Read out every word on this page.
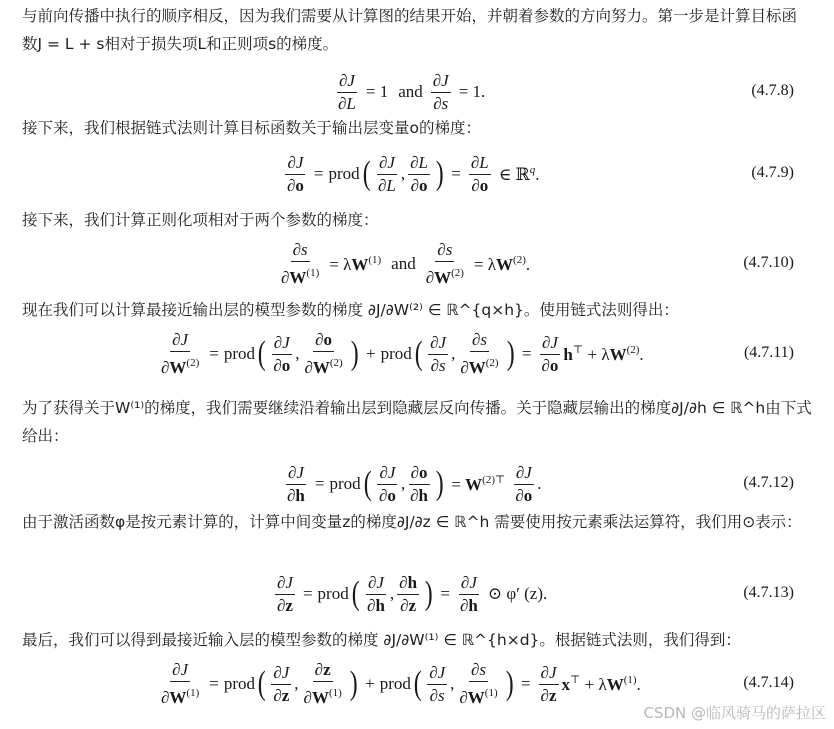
与前向传播中执行的顺序相反，因为我们需要从计算图的结果开始，并朝着参数的方向努力。第一步是计算目标函数J = L + s相对于损失项L和正则项s的梯度。
$\frac{\partial J}{\partial L} = 1$ and $\frac{\partial J}{\partial s} = 1$.	(4.7.8)
接下来，我们根据链式法则计算目标函数关于输出层变量o的梯度：
$\frac{\partial J}{\partial o}$ = prod ( $\frac{\partial J}{\partial L}$ , $\frac{\partial L}{\partial o}$ ) = $\frac{\partial L}{\partial o}$ ∈ ℝ$^q$.	(4.7.9)
接下来，我们计算正则化项相对于两个参数的梯度：
$\frac{\partial s}{\partial W^{(1)}} = \lambda W^{(1)}$ and $\frac{\partial s}{\partial W^{(2)}} = \lambda W^{(2)}$.	(4.7.10)
现在我们可以计算最接近输出层的模型参数的梯度 ∂J/∂W⁽²⁾ ∈ ℝ^{q×h}。使用链式法则得出：
$\frac{\partial J}{\partial W^{(2)}}$ = prod ( $\frac{\partial J}{\partial o}$ , $\frac{\partial o}{\partial W^{(2)}}$ ) + prod ( $\frac{\partial J}{\partial s}$ , $\frac{\partial s}{\partial W^{(2)}}$ ) = $\frac{\partial J}{\partial o} h^⊤ + \lambda W^{(2)}$.	(4.7.11)
为了获得关于W⁽¹⁾的梯度，我们需要继续沿着输出层到隐藏层反向传播。关于隐藏层输出的梯度∂J/∂h ∈ ℝ^h由下式给出：
$\frac{\partial J}{\partial h}$ = prod ( $\frac{\partial J}{\partial o}$ , $\frac{\partial o}{\partial h}$ ) = $W^{(2)⊤} \frac{\partial J}{\partial o}$ .	(4.7.12)
由于激活函数φ是按元素计算的，计算中间变量z的梯度∂J/∂z ∈ ℝ^h 需要使用按元素乘法运算符，我们用⊙表示：
$\frac{\partial J}{\partial z}$ = prod ( $\frac{\partial J}{\partial h}$ , $\frac{\partial h}{\partial z}$ ) = $\frac{\partial J}{\partial h}$ ⊙ φ′ (z).	(4.7.13)
最后，我们可以得到最接近输入层的模型参数的梯度 ∂J/∂W⁽¹⁾ ∈ ℝ^{h×d}。根据链式法则，我们得到：
$\frac{\partial J}{\partial W^{(1)}}$ = prod ( $\frac{\partial J}{\partial z}$ , $\frac{\partial z}{\partial W^{(1)}}$ ) + prod ( $\frac{\partial J}{\partial s}$ , $\frac{\partial s}{\partial W^{(1)}}$ ) = $\frac{\partial J}{\partial z} x^⊤ + \lambda W^{(1)}$.	(4.7.14)
CSDN @临风骑马的萨拉区
